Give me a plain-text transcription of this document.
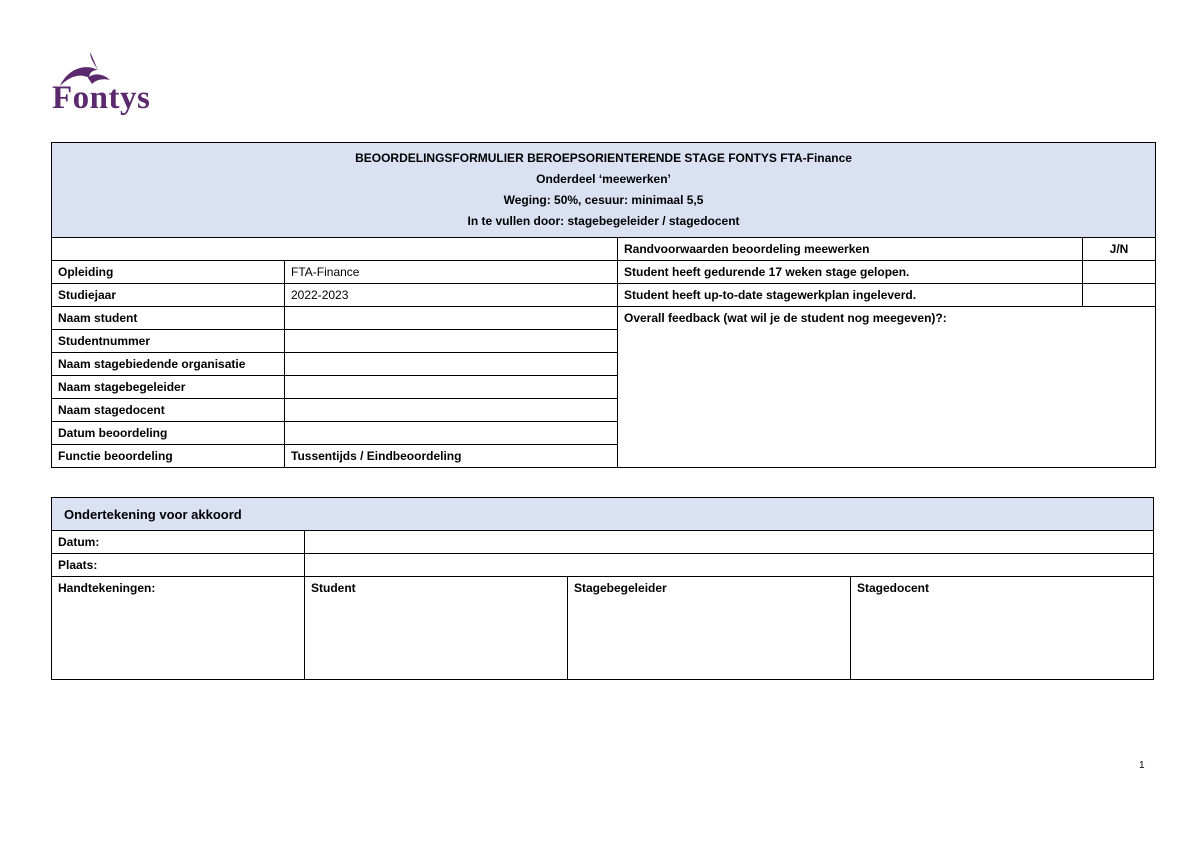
Fontys
BEOORDELINGSFORMULIER BEROEPSORIENTERENDE STAGE FONTYS FTA-Finance
Onderdeel ‘meewerken’
Weging: 50%, cesuur: minimaal 5,5
In te vullen door: stagebegeleider / stagedocent			

		Randvoorwaarden beoordeling meewerken	J/N
Opleiding	FTA-Finance	Student heeft gedurende 17 weken stage gelopen.	
Studiejaar	2022-2023	Student heeft up-to-date stagewerkplan ingeleverd.	
Naam student		Overall feedback (wat wil je de student nog meegeven)?:	
Studentnummer			
Naam stagebiedende organisatie			
Naam stagebegeleider			
Naam stagedocent			
Datum beoordeling			
Functie beoordeling	Tussentijds / Eindbeoordeling		
Ondertekening voor akkoord			
Datum:			
Plaats:			
Handtekeningen:	Student	Stagebegeleider	Stagedocent
1
